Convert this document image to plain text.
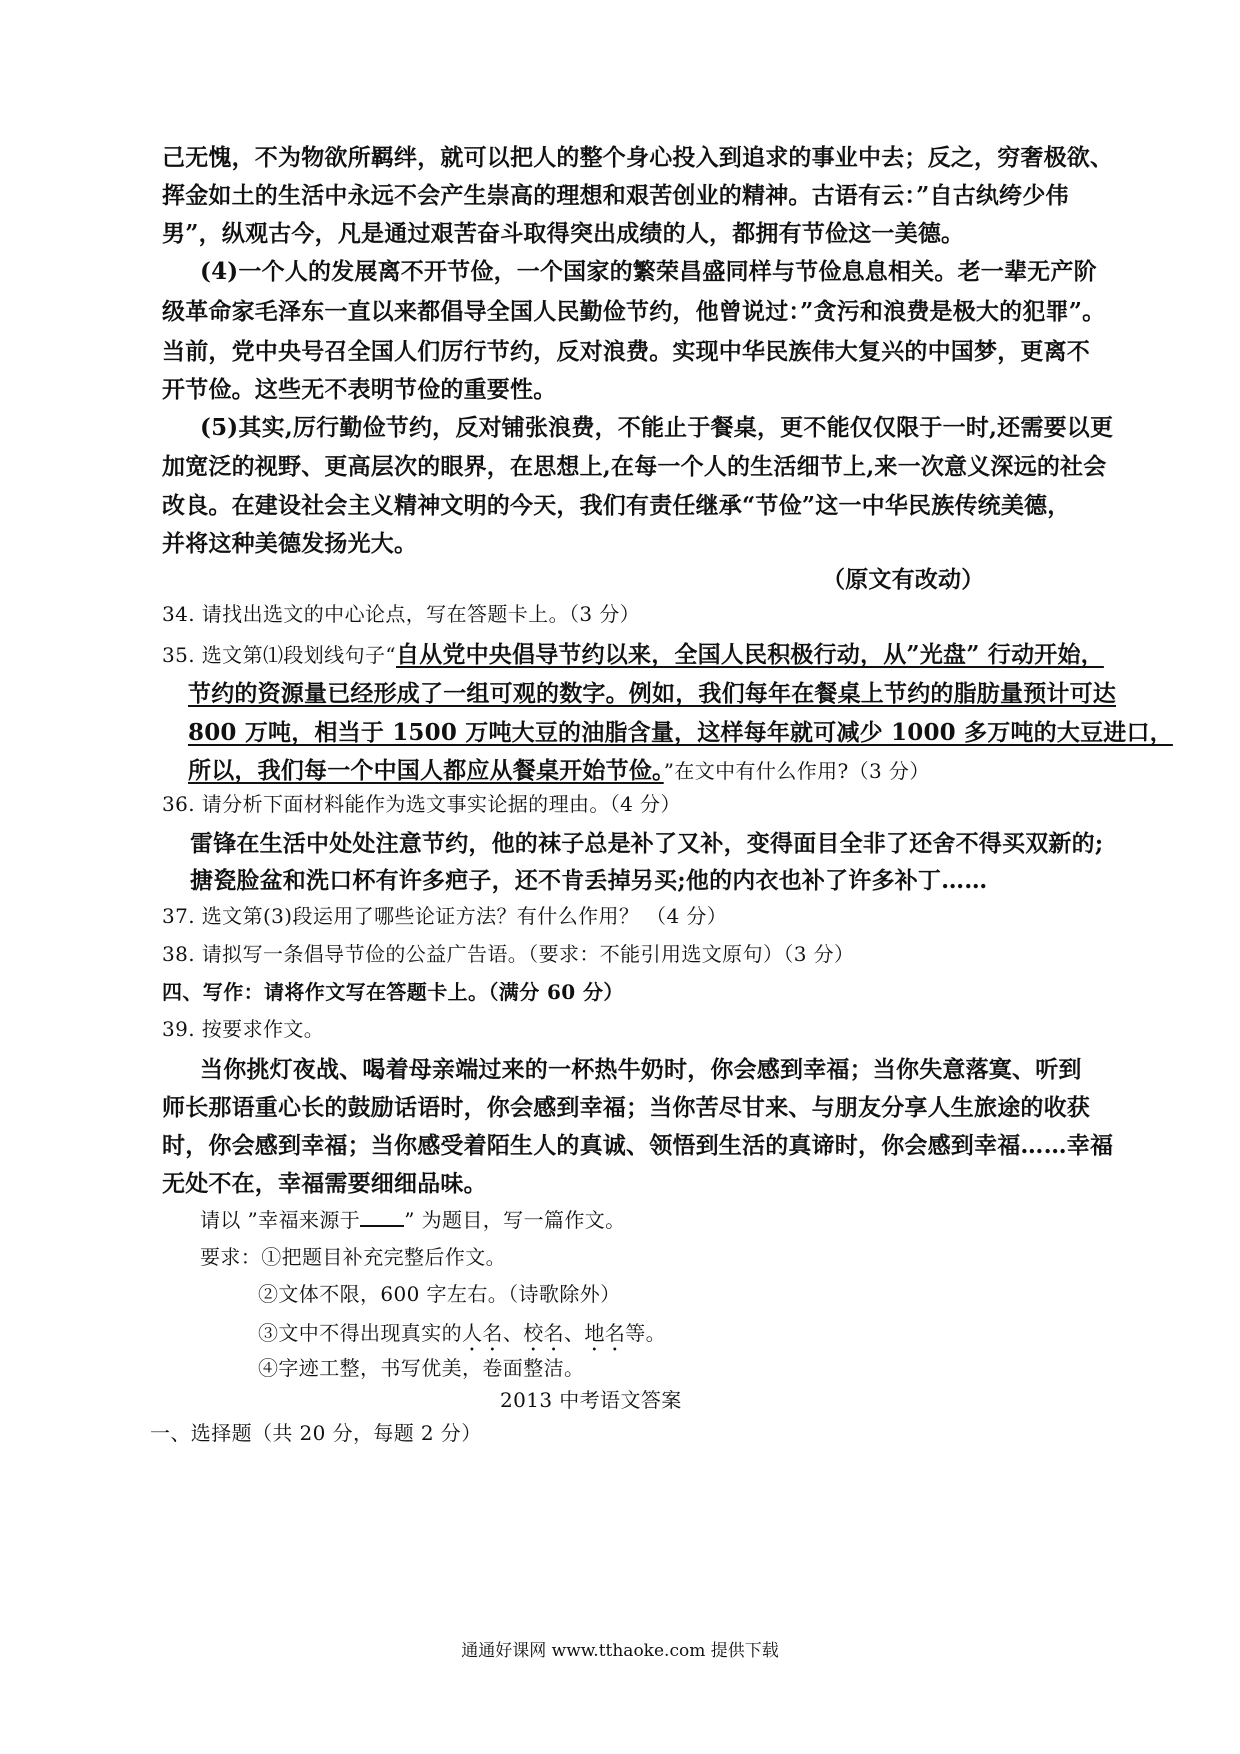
己无愧，不为物欲所羁绊，就可以把人的整个身心投入到追求的事业中去；反之，穷奢极欲、
挥金如土的生活中永远不会产生崇高的理想和艰苦创业的精神。古语有云：”自古纨绔少伟
男”，纵观古今，凡是通过艰苦奋斗取得突出成绩的人，都拥有节俭这一美德。
(4)一个人的发展离不开节俭，一个国家的繁荣昌盛同样与节俭息息相关。老一辈无产阶
级革命家毛泽东一直以来都倡导全国人民勤俭节约，他曾说过：”贪污和浪费是极大的犯罪”。
当前，党中央号召全国人们厉行节约，反对浪费。实现中华民族伟大复兴的中国梦，更离不
开节俭。这些无不表明节俭的重要性。
(5)其实,厉行勤俭节约，反对铺张浪费，不能止于餐桌，更不能仅仅限于一时,还需要以更
加宽泛的视野、更高层次的眼界，在思想上,在每一个人的生活细节上,来一次意义深远的社会
改良。在建设社会主义精神文明的今天，我们有责任继承“节俭”这一中华民族传统美德，
并将这种美德发扬光大。
（原文有改动）
34. 请找出选文的中心论点，写在答题卡上。（3 分）
35. 选文第⑴段划线句子“自从党中央倡导节约以来，全国人民积极行动，从”光盘” 行动开始，
节约的资源量已经形成了一组可观的数字。例如，我们每年在餐桌上节约的脂肪量预计可达
800 万吨，相当于 1500 万吨大豆的油脂含量，这样每年就可减少 1000 多万吨的大豆进口，
所以，我们每一个中国人都应从餐桌开始节俭。”在文中有什么作用?（3 分）
36. 请分析下面材料能作为选文事实论据的理由。（4 分）
雷锋在生活中处处注意节约，他的袜子总是补了又补，变得面目全非了还舍不得买双新的;
搪瓷脸盆和洗口杯有许多疤子，还不肯丢掉另买;他的内衣也补了许多补丁……
37. 选文第(3)段运用了哪些论证方法？有什么作用？ （4 分）
38. 请拟写一条倡导节俭的公益广告语。（要求：不能引用选文原句）（3 分）
四、写作：请将作文写在答题卡上。（满分 60 分）
39. 按要求作文。
当你挑灯夜战、喝着母亲端过来的一杯热牛奶时，你会感到幸福；当你失意落寞、听到
师长那语重心长的鼓励话语时，你会感到幸福；当你苦尽甘来、与朋友分享人生旅途的收获
时，你会感到幸福；当你感受着陌生人的真诚、领悟到生活的真谛时，你会感到幸福……幸福
无处不在，幸福需要细细品味。
请以 ”幸福来源于 ” 为题目，写一篇作文。
要求：①把题目补充完整后作文。
②文体不限，600 字左右。（诗歌除外）
③文中不得出现真实的人名、校名、地名等。
④字迹工整，书写优美，卷面整洁。
2013 中考语文答案
一、选择题（共 20 分，每题 2 分）
通通好课网 www.tthaoke.com 提供下载
